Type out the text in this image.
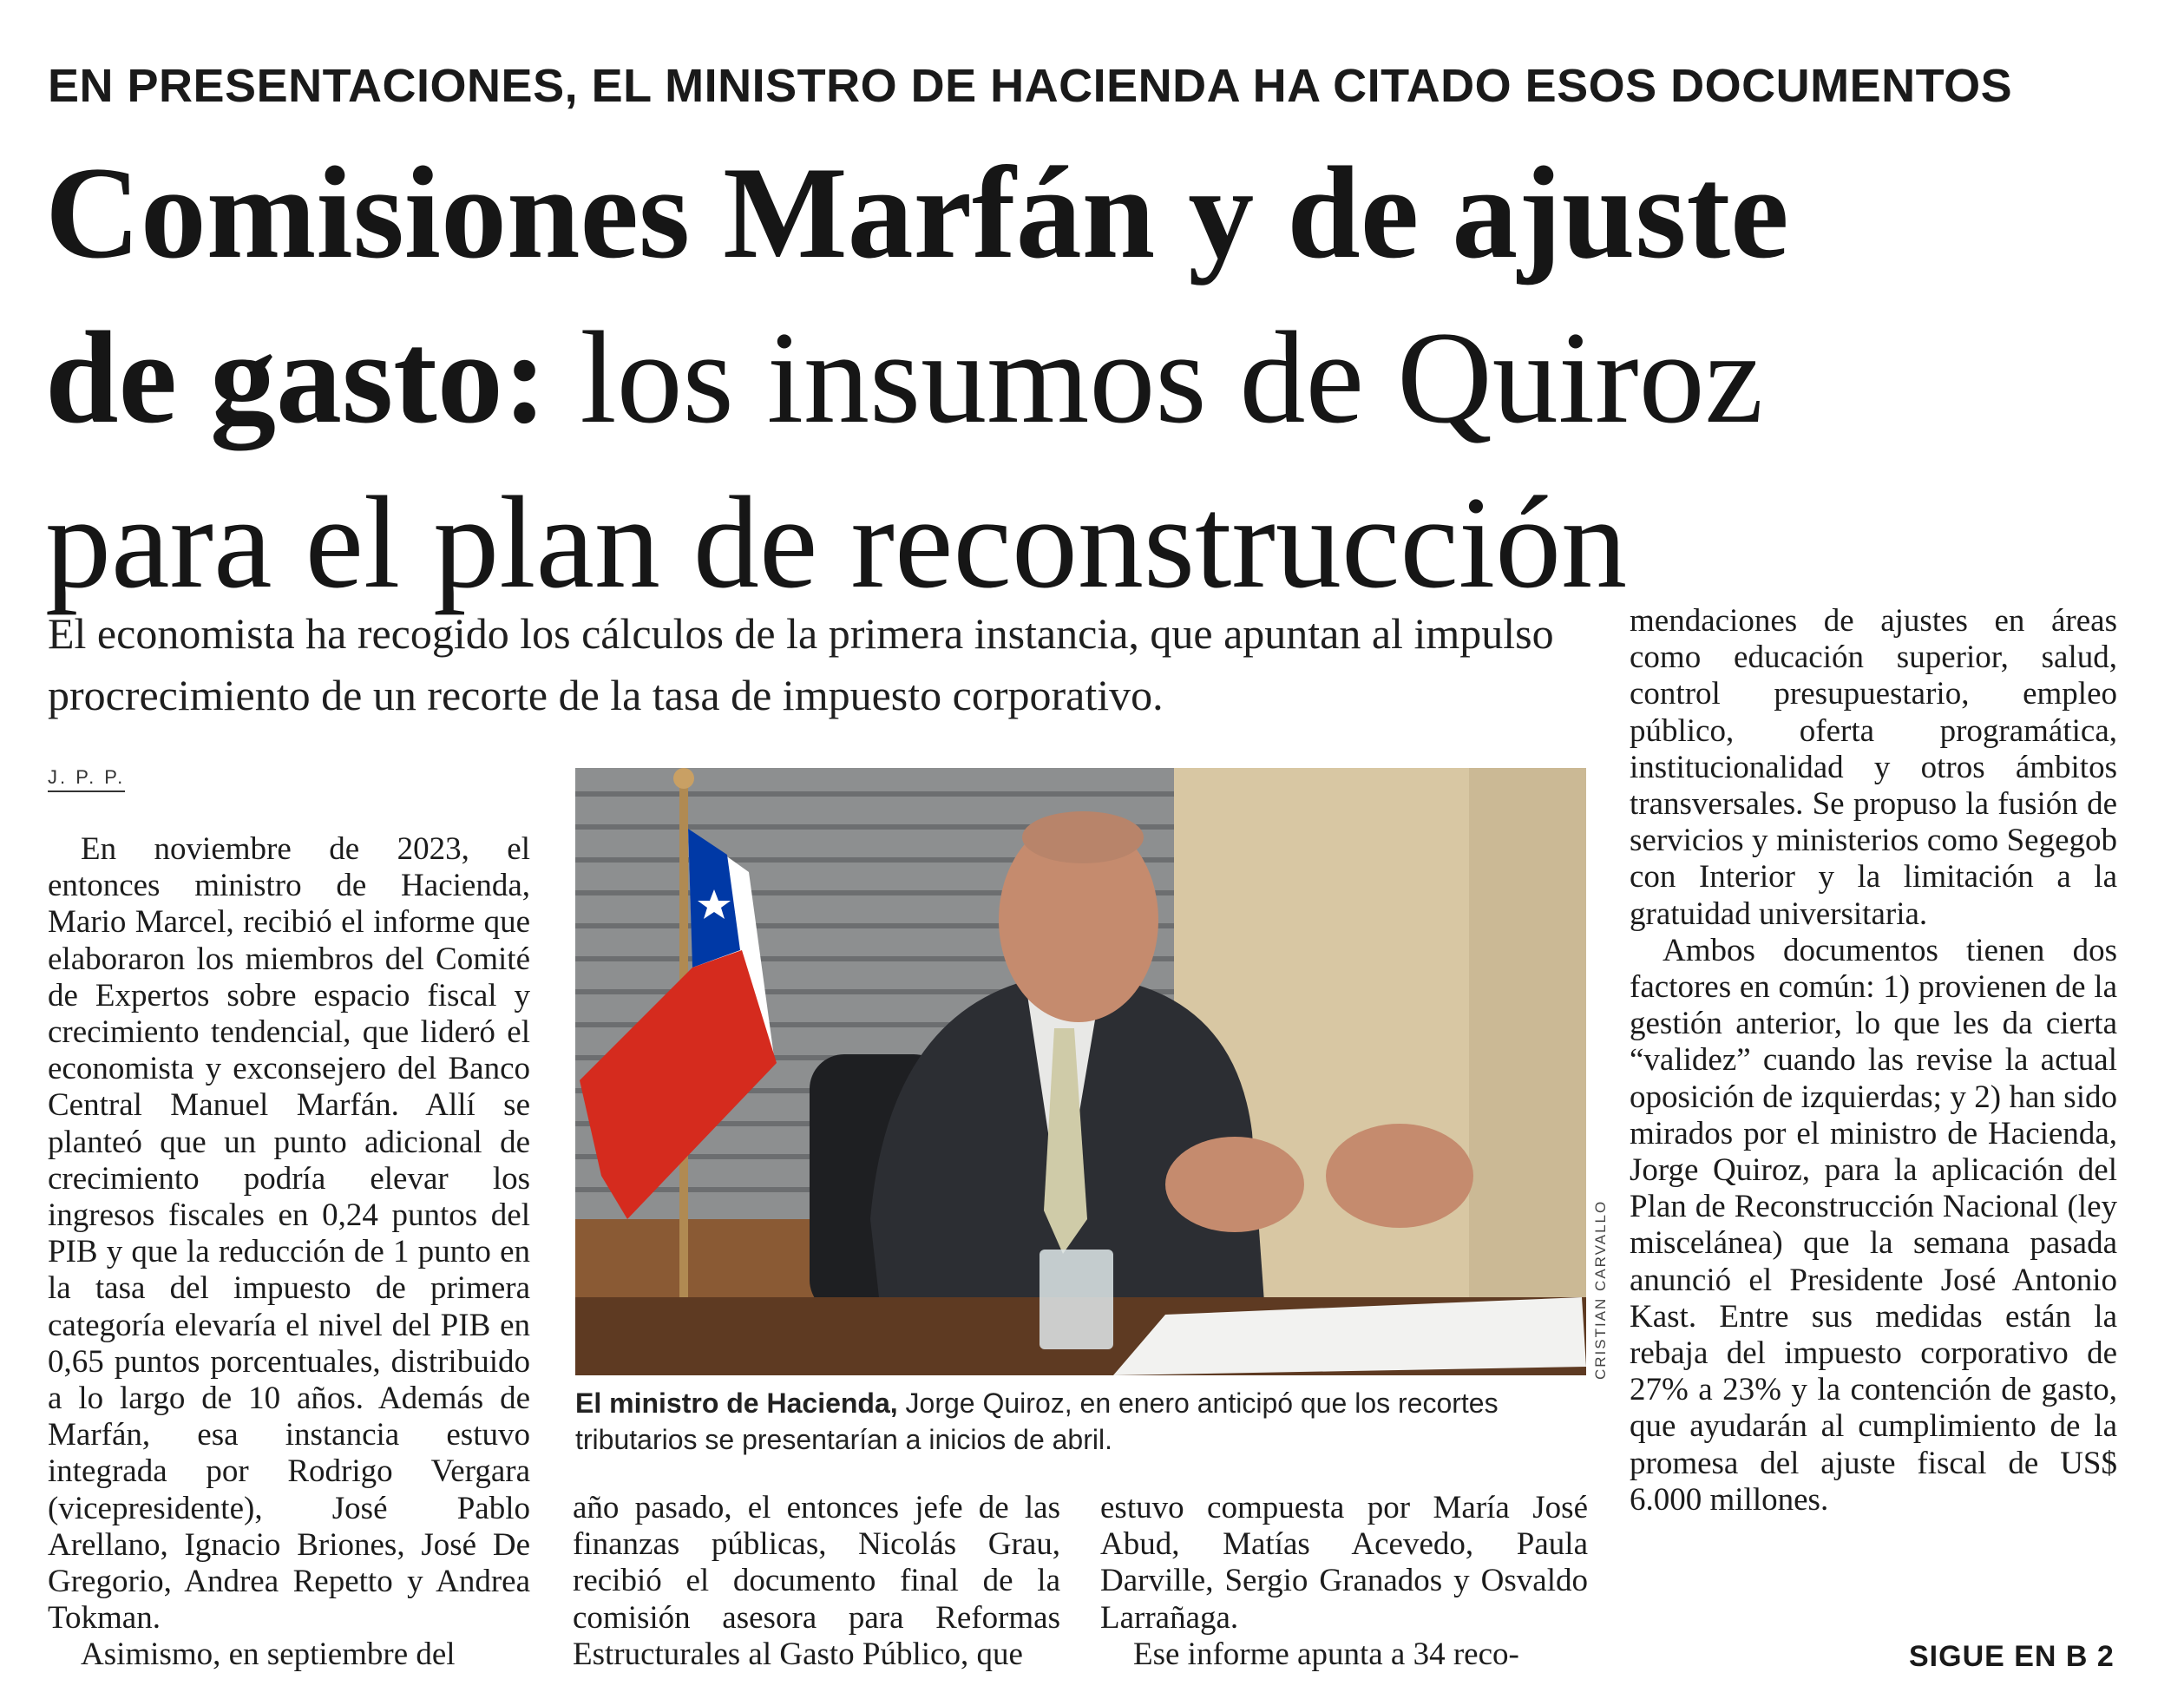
EN PRESENTACIONES, EL MINISTRO DE HACIENDA HA CITADO ESOS DOCUMENTOS
Comisiones Marfán y de ajuste de gasto: los insumos de Quiroz para el plan de reconstrucción

El economista ha recogido los cálculos de la primera instancia, que apuntan al impulso procrecimiento de un recorte de la tasa de impuesto corporativo.

J. P. P.

En noviembre de 2023, el entonces ministro de Hacienda, Mario Marcel, recibió el informe que elaboraron los miembros del Comité de Expertos sobre espacio fiscal y crecimiento tendencial, que lideró el economista y exconsejero del Banco Central Manuel Marfán. Allí se planteó que un punto adicional de crecimiento podría elevar los ingresos fiscales en 0,24 puntos del PIB y que la reducción de 1 punto en la tasa del impuesto de primera categoría elevaría el nivel del PIB en 0,65 puntos porcentuales, distribuido a lo largo de 10 años. Además de Marfán, esa instancia estuvo integrada por Rodrigo Vergara (vicepresidente), José Pablo Arellano, Ignacio Briones, José De Gregorio, Andrea Repetto y Andrea Tokman.

Asimismo, en septiembre del

CRISTIAN CARVALLO

El ministro de Hacienda, Jorge Quiroz, en enero anticipó que los recortes tributarios se presentarían a inicios de abril.

año pasado, el entonces jefe de las finanzas públicas, Nicolás Grau, recibió el documento final de la comisión asesora para Reformas Estructurales al Gasto Público, que

estuvo compuesta por María José Abud, Matías Acevedo, Paula Darville, Sergio Granados y Osvaldo Larrañaga.

Ese informe apunta a 34 reco-

mendaciones de ajustes en áreas como educación superior, salud, control presupuestario, empleo público, oferta programática, institucionalidad y otros ámbitos transversales. Se propuso la fusión de servicios y ministerios como Segegob con Interior y la limitación a la gratuidad universitaria.

Ambos documentos tienen dos factores en común: 1) provienen de la gestión anterior, lo que les da cierta “validez” cuando las revise la actual oposición de izquierdas; y 2) han sido mirados por el ministro de Hacienda, Jorge Quiroz, para la aplicación del Plan de Reconstrucción Nacional (ley miscelánea) que la semana pasada anunció el Presidente José Antonio Kast. Entre sus medidas están la rebaja del impuesto corporativo de 27% a 23% y la contención de gasto, que ayudarán al cumplimiento de la promesa del ajuste fiscal de US$ 6.000 millones.

SIGUE EN B 2
